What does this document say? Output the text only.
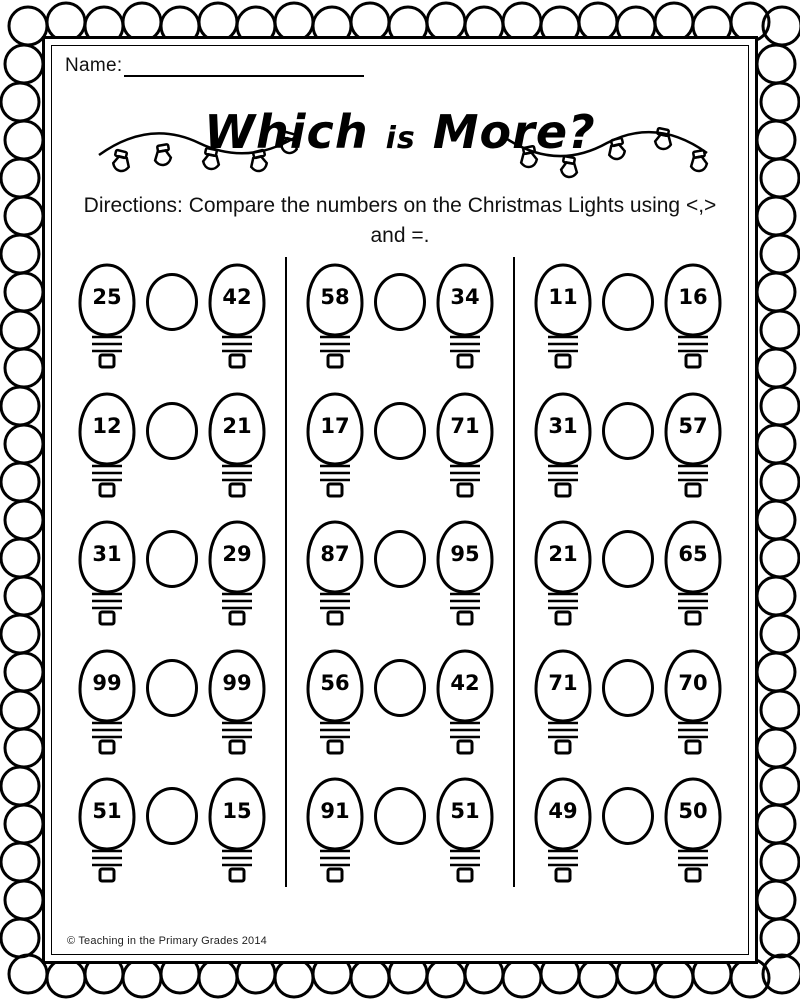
Name:
Which is More?
Directions: Compare the numbers on the Christmas Lights using <,> and =.
25	42
12	21
31	29
99	99
51	15
58	34
17	71
87	95
56	42
91	51
11	16
31	57
21	65
71	70
49	50
© Teaching in the Primary Grades 2014
